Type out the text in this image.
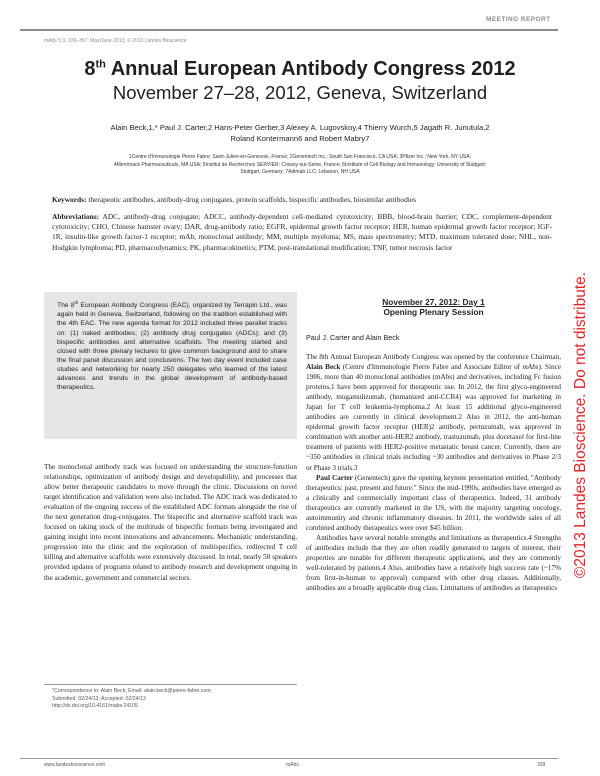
MEETING REPORT
mAbs 5:3, 339–357; May/June 2013; © 2013 Landes Bioscience
8th Annual European Antibody Congress 2012
November 27–28, 2012, Geneva, Switzerland
Alain Beck,1,* Paul J. Carter,2 Hans-Peter Gerber,3 Alexey A. Lugovskoy,4 Thierry Wurch,5 Jagath R. Junutula,2
Roland Kontermann6 and Robert Mabry7
1Centre d'Immunologie Pierre Fabre; Saint-Julien-en-Genevois, France; 2Genentech Inc.; South San Francisco, CA USA; 3Pfizer Inc.; New York, NY USA;
4Merrimack Pharmaceuticals, MA USA; 5Institut de Recherches SERVIER; Croissy-sur-Seine, France; 6Institute of Cell Biology and Immunology; University of Stuttgart;
Stuttgart, Germany; 7Adimab LLC; Lebanon, NH USA
Keywords: therapeutic antibodies, antibody-drug conjugates, protein scaffolds, bispecific antibodies, biosimilar antibodies
Abbreviations: ADC, antibody-drug conjugate; ADCC, antibody-dependent cell-mediated cytotoxicity; BBB, blood-brain barrier; CDC, complement-dependent cytotoxicity; CHO, Chinese hamster ovary; DAR, drug-antibody ratio; EGFR, epidermal growth factor receptor; HER, human epidermal growth factor receptor; IGF-1R, insulin-like growth factor-1 receptor; mAb, monoclonal antibody; MM, multiple myeloma; MS, mass spectrometry; MTD, maximum tolerated dose; NHL, non-Hodgkin lymphoma; PD, pharmacodynamics; PK, pharmacokinetics; PTM, post-translational modification; TNF, tumor necrosis factor
The 8th European Antibody Congress (EAC), organized by Terrapin Ltd., was again held in Geneva, Switzerland, following on the tradition established with the 4th EAC. The new agenda format for 2012 included three parallel tracks on: (1) naked antibodies; (2) antibody drug conjugates (ADCs); and (3) bispecific antibodies and alternative scaffolds. The meeting started and closed with three plenary lectures to give common background and to share the final panel discussion and conclusions. The two day event included case studies and networking for nearly 250 delegates who learned of the latest advances and trends in the global development of antibody-based therapeutics.
The monoclonal antibody track was focused on understanding the structure-function relationships, optimization of antibody design and developability, and processes that allow better therapeutic candidates to move through the clinic. Discussions on novel target identification and validation were also included. The ADC track was dedicated to evaluation of the ongoing success of the established ADC formats alongside the rise of the next generation drug-conjugates. The bispecific and alternative scaffold track was focused on taking stock of the multitude of bispecific formats being investigated and gaining insight into recent innovations and advancements. Mechanistic understanding, progression into the clinic and the exploration of multispecifics, redirected T cell killing and alternative scaffolds were extensively discussed. In total, nearly 50 speakers provided updates of programs related to antibody research and development ongoing in the academic, government and commercial sectors.
*Correspondence to: Alain Beck; Email: alain.beck@pierre-fabre.com
Submitted: 02/24/13; Accepted: 02/24/13
http://dx.doi.org/10.4161/mabs.24105
November 27, 2012: Day 1
Opening Plenary Session
Paul J. Carter and Alain Beck

The 8th Annual European Antibody Congress was opened by the conference Chairman, Alain Beck (Centre d'Immunologie Pierre Fabre and Associate Editor of mAbs). Since 1986, more than 40 monoclonal antibodies (mAbs) and derivatives, including Fc fusion proteins,1 have been approved for therapeutic use. In 2012, the first glyco-engineered antibody, mogamulizumab, (humanized anti-CCR4) was approved for marketing in Japan for T cell leukemia-lymphoma.2 At least 15 additional glyco-engineered antibodies are currently in clinical development.2 Also in 2012, the anti-human epidermal growth factor receptor (HER)2 antibody, pertuzumab, was approved in combination with another anti-HER2 antibody, trastuzumab, plus docetaxel for first-line treatment of patients with HER2-positive metastatic breast cancer. Currently, there are ~350 antibodies in clinical trials including ~30 antibodies and derivatives in Phase 2/3 or Phase 3 trials.3

Paul Carter (Genentech) gave the opening keynote presentation entitled, "Antibody therapeutics: past, present and future." Since the mid-1990s, antibodies have emerged as a clinically and commercially important class of therapeutics. Indeed, 31 antibody therapeutics are currently marketed in the US, with the majority targeting oncology, autoimmunity and chronic inflammatory diseases. In 2011, the worldwide sales of all combined antibody therapeutics were over $45 billion.

Antibodies have several notable strengths and limitations as therapeutics.4 Strengths of antibodies include that they are often readily generated to targets of interest, their properties are tunable for different therapeutic applications, and they are commonly well-tolerated by patients.4 Also, antibodies have a relatively high success rate (~17% from first-in-human to approval) compared with other drug classes. Additionally, antibodies are a broadly applicable drug class. Limitations of antibodies as therapeutics

www.landesbioscience.com	mAbs	339
©2013 Landes Bioscience. Do not distribute.
